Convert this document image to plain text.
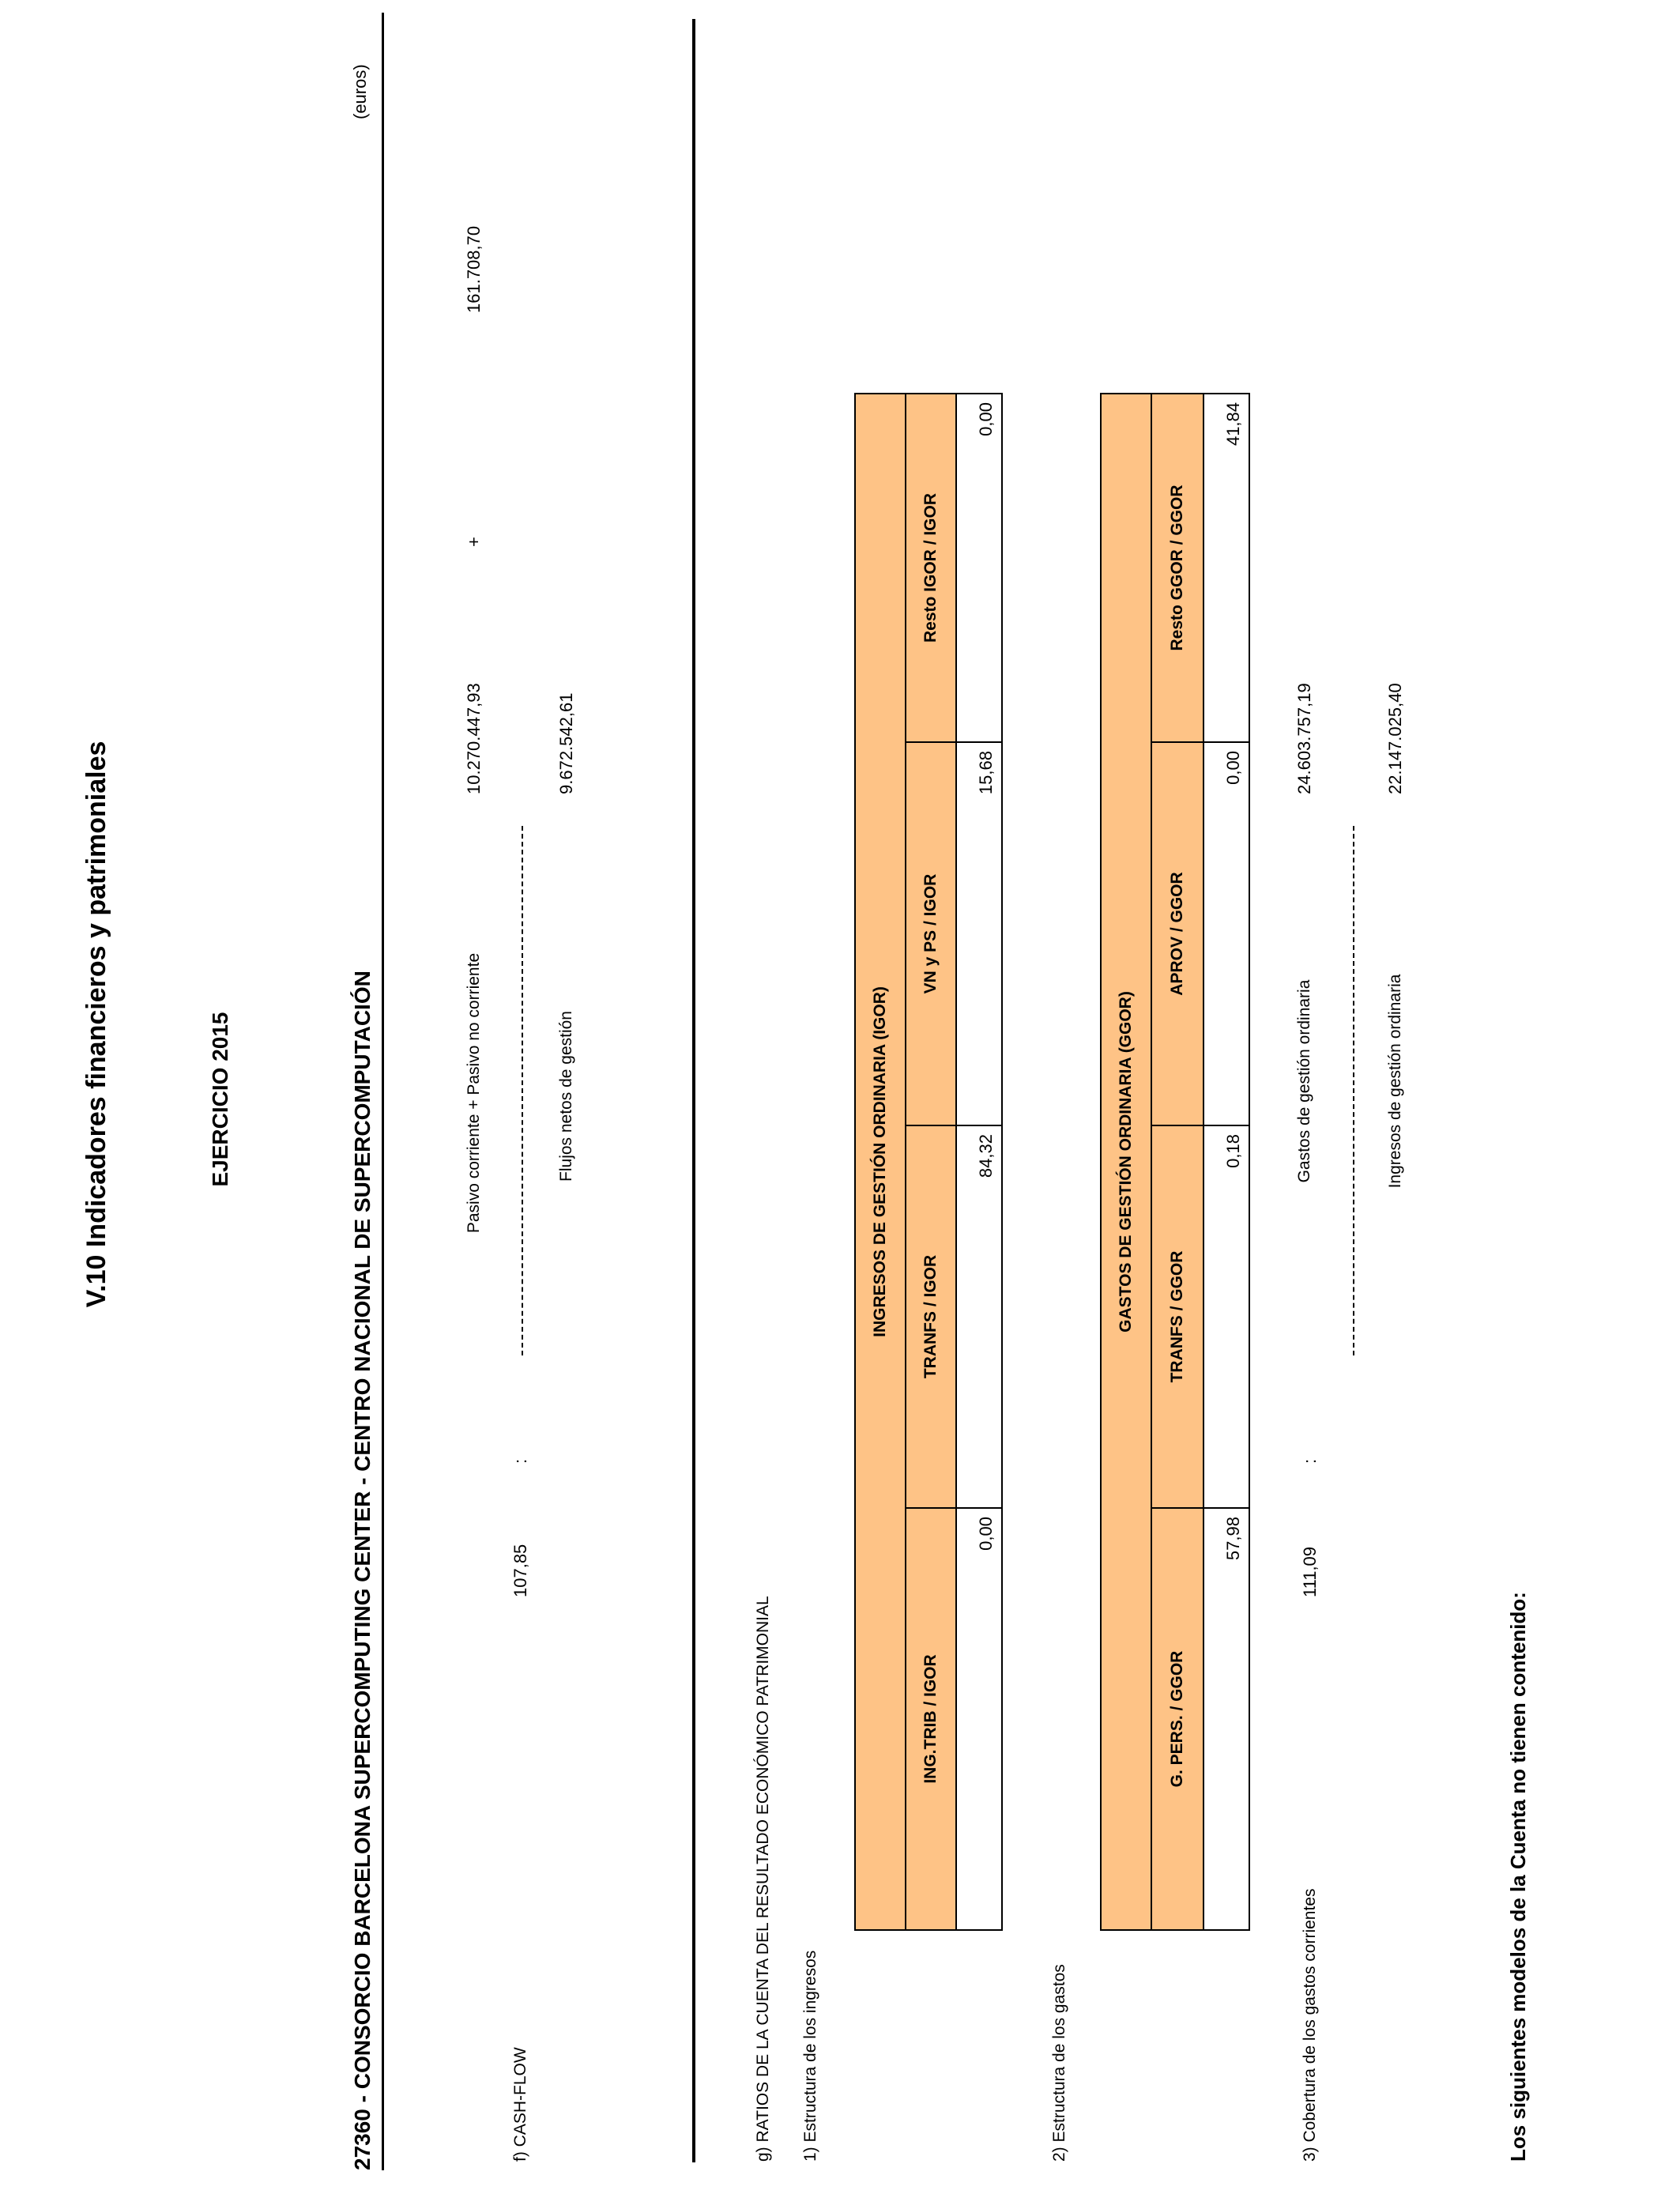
V.10 Indicadores financieros y patrimoniales	EJERCICIO 2015	27360 - CONSORCIO BARCELONA SUPERCOMPUTING CENTER - CENTRO NACIONAL DE SUPERCOMPUTACIÓN
(euros)
f) CASH-FLOW
107,85
:
Pasivo corriente + Pasivo no corriente	Flujos netos de gestión
10.270.447,93
+
161.708,70
9.672.542,61
g) RATIOS DE LA CUENTA DEL RESULTADO ECONÓMICO PATRIMONIAL 1) Estructura de los ingresos
INGRESOS DE GESTIÓN ORDINARIA (IGOR)			
ING.TRIB / IGOR	TRANFS / IGOR	VN y PS / IGOR	Resto IGOR / IGOR
0,00	84,32	15,68	0,00
2) Estructura de los gastos
GASTOS DE GESTIÓN ORDINARIA (GGOR)			
G. PERS. / GGOR	TRANFS / GGOR	APROV / GGOR	Resto GGOR / GGOR
57,98	0,18	0,00	41,84
3) Cobertura de los gastos corrientes
111,09
:
Gastos de gestión ordinaria	Ingresos de gestión ordinaria
24.603.757,19	22.147.025,40
Los siguientes modelos de la Cuenta no tienen contenido:
